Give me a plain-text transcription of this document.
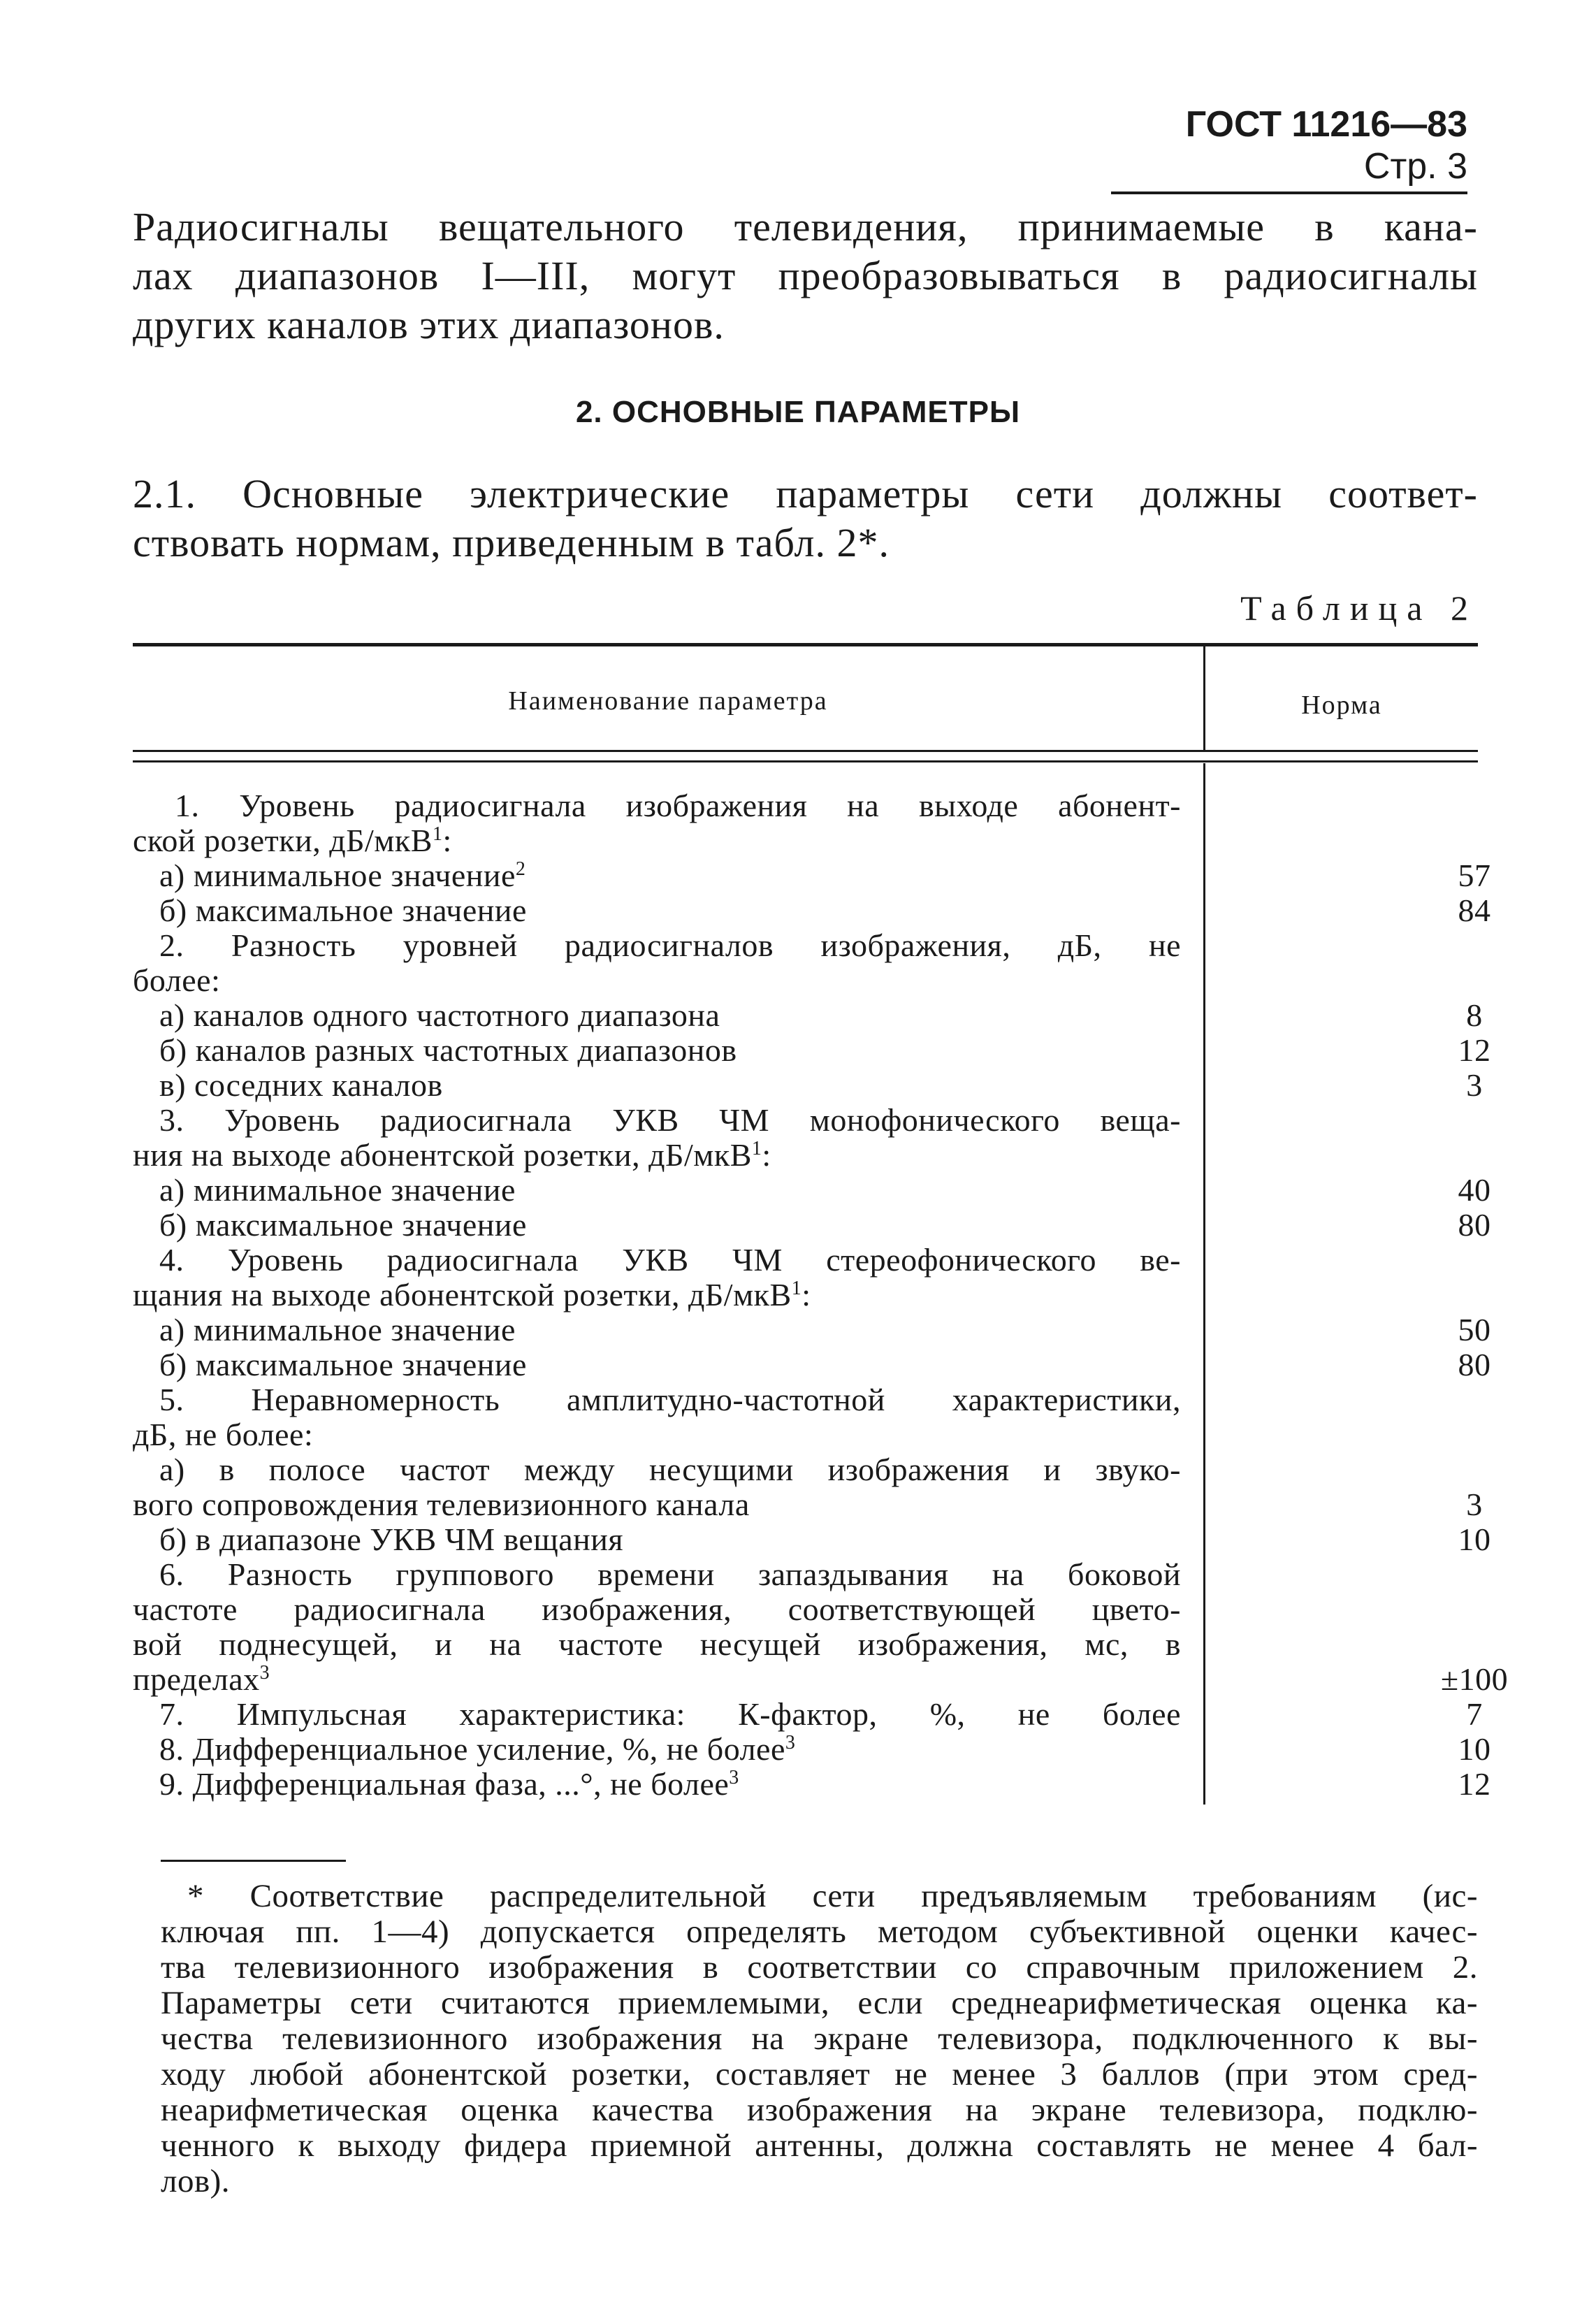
ГОСТ 11216—83 Стр. 3
Радиосигналы вещательного телевидения, принимаемые в кана-
лах диапазонов I—III, могут преобразовываться в радиосигналы
других каналов этих диапазонов.
2. ОСНОВНЫЕ ПАРАМЕТРЫ
2.1. Основные электрические параметры сети должны соответ-
ствовать нормам, приведенным в табл. 2*.
Таблица 2
Наименование параметра	Норма
1. Уровень радиосигнала изображения на выходе абонент-
ской розетки, дБ/мкВ$^1$:
а) минимальное значение$^2$	57
б) максимальное значение	84
2. Разность уровней радиосигналов изображения, дБ, не
более:
а) каналов одного частотного диапазона	8
б) каналов разных частотных диапазонов	12
в) соседних каналов	3
3. Уровень радиосигнала УКВ ЧМ монофонического веща-
ния на выходе абонентской розетки, дБ/мкВ$^1$:
а) минимальное значение	40
б) максимальное значение	80
4. Уровень радиосигнала УКВ ЧМ стереофонического ве-
щания на выходе абонентской розетки, дБ/мкВ$^1$:
а) минимальное значение	50
б) максимальное значение	80
5. Неравномерность амплитудно-частотной характеристики,
дБ, не более:
а) в полосе частот между несущими изображения и звуко-
вого сопровождения телевизионного канала	3
б) в диапазоне УКВ ЧМ вещания	10
6. Разность группового времени запаздывания на боковой
частоте радиосигнала изображения, соответствующей цвето-
вой поднесущей, и на частоте несущей изображения, мс, в
пределах$^3$	±100
7. Импульсная характеристика: К-фактор, %, не более	7
8. Дифференциальное усиление, %, не более$^3$	10
9. Дифференциальная фаза, ...°, не более$^3$	12
* Соответствие распределительной сети предъявляемым требованиям (ис-
ключая пп. 1—4) допускается определять методом субъективной оценки качес-
тва телевизионного изображения в соответствии со справочным приложением 2.
Параметры сети считаются приемлемыми, если среднеарифметическая оценка ка-
чества телевизионного изображения на экране телевизора, подключенного к вы-
ходу любой абонентской розетки, составляет не менее 3 баллов (при этом сред-
неарифметическая оценка качества изображения на экране телевизора, подклю-
ченного к выходу фидера приемной антенны, должна составлять не менее 4 бал-
лов).
